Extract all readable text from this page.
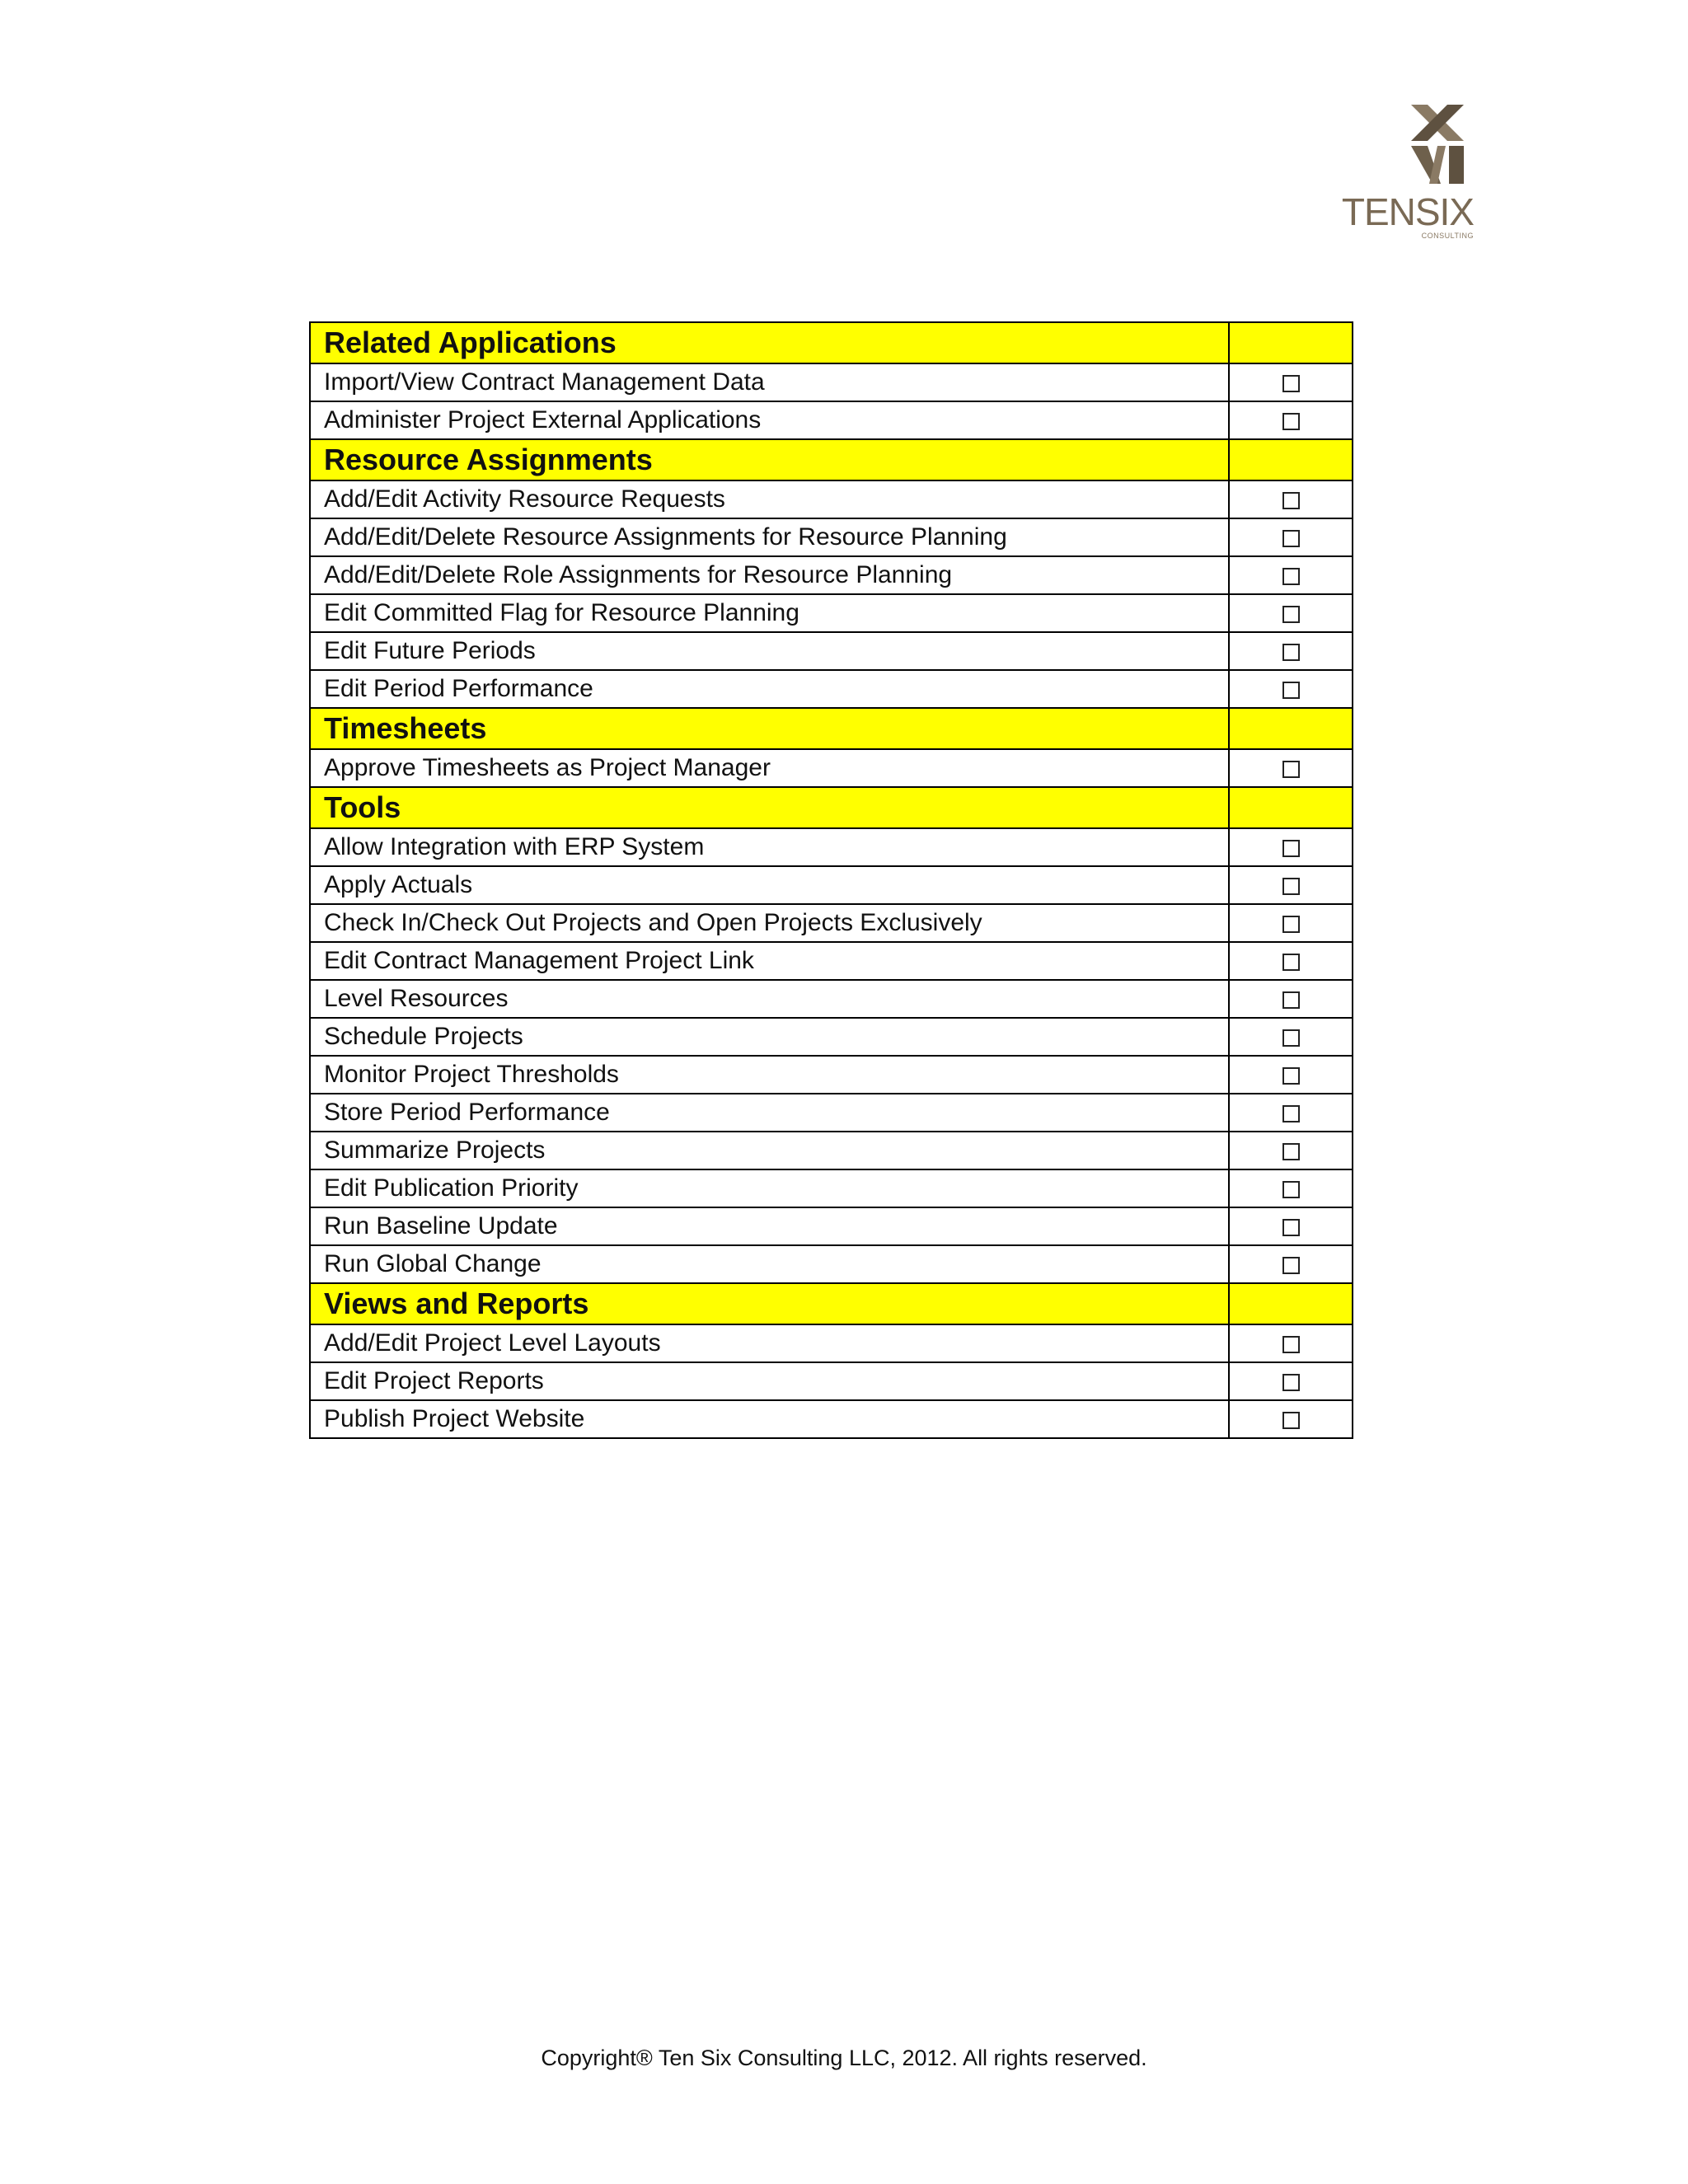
TENSIX
CONSULTING
Related Applications	
Import/View Contract Management Data	
Administer Project External Applications	
Resource Assignments	
Add/Edit Activity Resource Requests	
Add/Edit/Delete Resource Assignments for Resource Planning	
Add/Edit/Delete Role Assignments for Resource Planning	
Edit Committed Flag for Resource Planning	
Edit Future Periods	
Edit Period Performance	
Timesheets	
Approve Timesheets as Project Manager	
Tools	
Allow Integration with ERP System	
Apply Actuals	
Check In/Check Out Projects and Open Projects Exclusively	
Edit Contract Management Project Link	
Level Resources	
Schedule Projects	
Monitor Project Thresholds	
Store Period Performance	
Summarize Projects	
Edit Publication Priority	
Run Baseline Update	
Run Global Change	
Views and Reports	
Add/Edit Project Level Layouts	
Edit Project Reports	
Publish Project Website	
Copyright® Ten Six Consulting LLC, 2012. All rights reserved.
